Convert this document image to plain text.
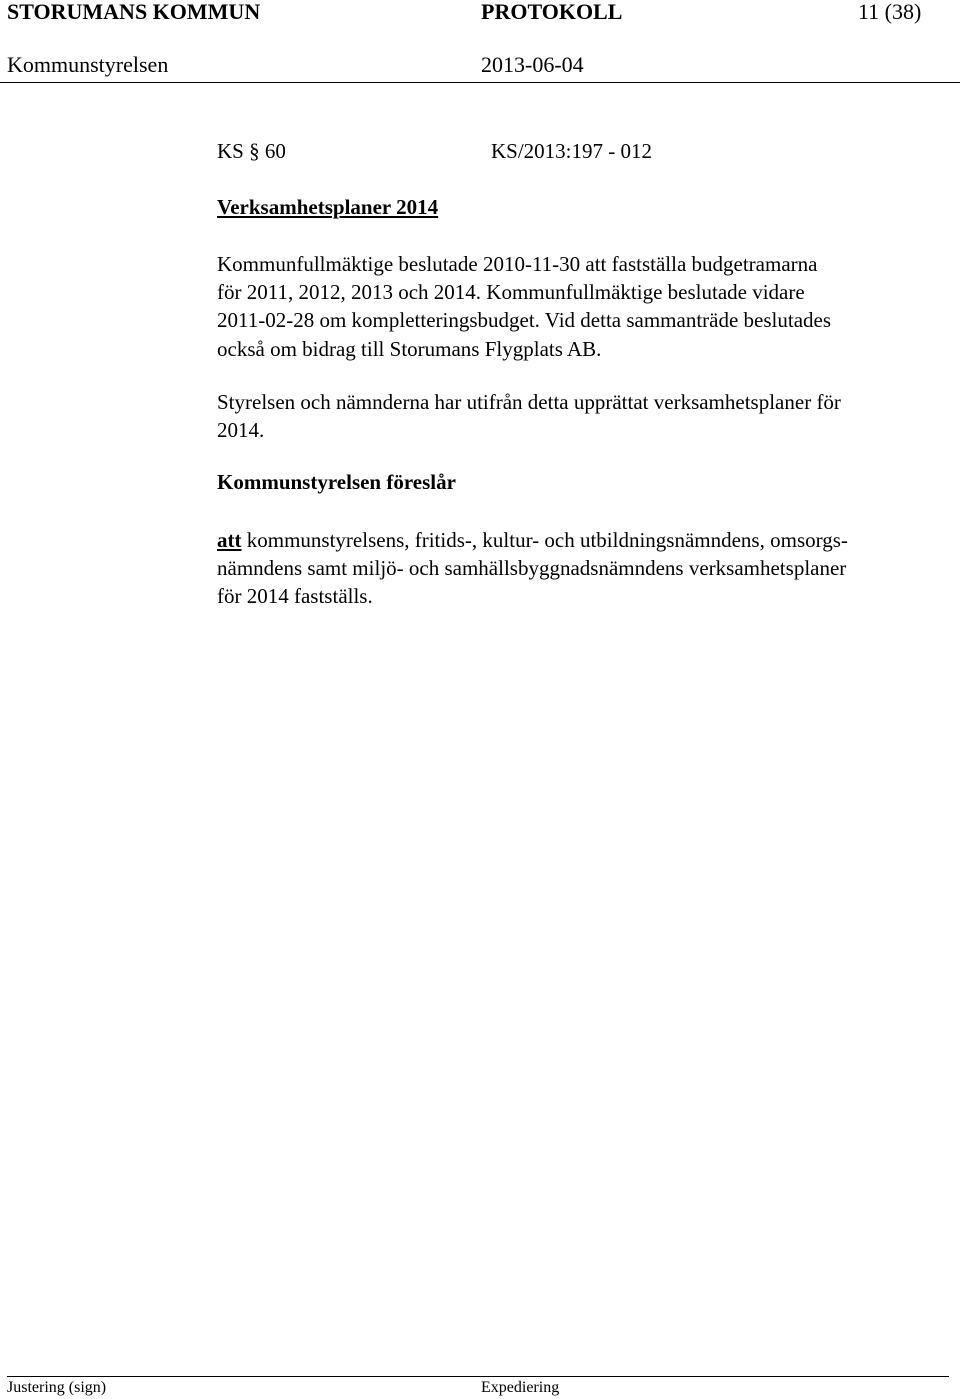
STORUMANS KOMMUN	PROTOKOLL	11 (38)
Kommunstyrelsen	2013-06-04
KS § 60	KS/2013:197 - 012
Verksamhetsplaner 2014
Kommunfullmäktige beslutade 2010-11-30 att fastställa budgetramarna
för 2011, 2012, 2013 och 2014. Kommunfullmäktige beslutade vidare
2011-02-28 om kompletteringsbudget. Vid detta sammanträde beslutades
också om bidrag till Storumans Flygplats AB.
Styrelsen och nämnderna har utifrån detta upprättat verksamhetsplaner för
2014.
Kommunstyrelsen föreslår
att kommunstyrelsens, fritids-, kultur- och utbildningsnämndens, omsorgs-
nämndens samt miljö- och samhällsbyggnadsnämndens verksamhetsplaner
för 2014 fastställs.
Justering (sign)	Expediering
